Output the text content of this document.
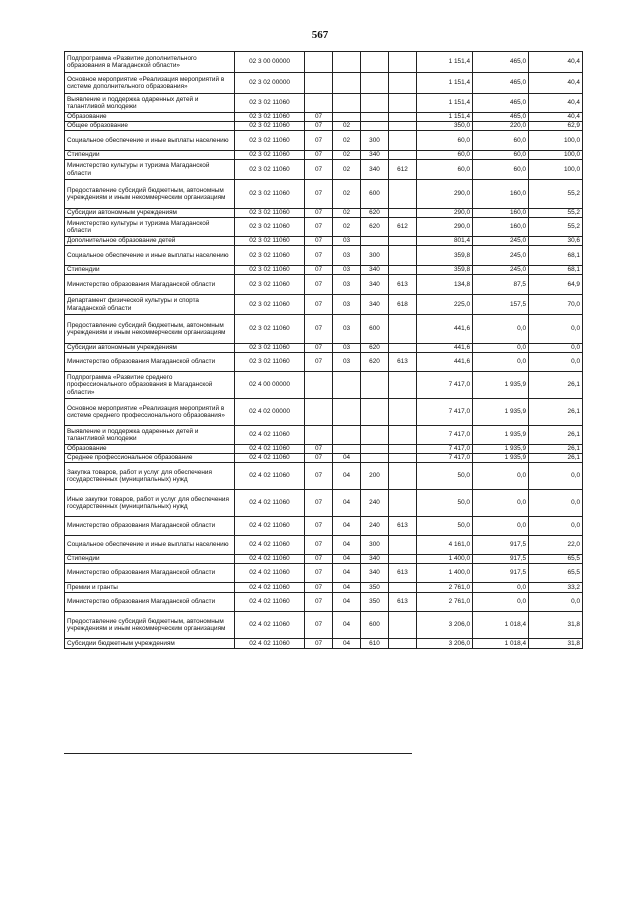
567
Подпрограмма «Развитие дополнительного образования в Магаданской области»	02 3 00 00000					1 151,4	465,0	40,4
Основное мероприятие «Реализация мероприятий в системе дополнительного образования»	02 3 02 00000					1 151,4	465,0	40,4
Выявление и поддержка одаренных детей и талантливой молодежи	02 3 02 11060					1 151,4	465,0	40,4
Образование	02 3 02 11060	07				1 151,4	465,0	40,4
Общее образование	02 3 02 11060	07	02			350,0	220,0	62,9
Социальное обеспечение и иные выплаты населению	02 3 02 11060	07	02	300		60,0	60,0	100,0
Стипендии	02 3 02 11060	07	02	340		60,0	60,0	100,0
Министерство культуры и туризма Магаданской области	02 3 02 11060	07	02	340	612	60,0	60,0	100,0
Предоставление субсидий бюджетным, автономным учреждениям и иным некоммерческим организациям	02 3 02 11060	07	02	600		290,0	160,0	55,2
Субсидии автономным учреждениям	02 3 02 11060	07	02	620		290,0	160,0	55,2
Министерство культуры и туризма Магаданской области	02 3 02 11060	07	02	620	612	290,0	160,0	55,2
Дополнительное образование детей	02 3 02 11060	07	03			801,4	245,0	30,6
Социальное обеспечение и иные выплаты населению	02 3 02 11060	07	03	300		359,8	245,0	68,1
Стипендии	02 3 02 11060	07	03	340		359,8	245,0	68,1
Министерство образования Магаданской области	02 3 02 11060	07	03	340	613	134,8	87,5	64,9
Департамент физической культуры и спорта Магаданской области	02 3 02 11060	07	03	340	618	225,0	157,5	70,0
Предоставление субсидий бюджетным, автономным учреждениям и иным некоммерческим организациям	02 3 02 11060	07	03	600		441,6	0,0	0,0
Субсидии автономным учреждениям	02 3 02 11060	07	03	620		441,6	0,0	0,0
Министерство образования Магаданской области	02 3 02 11060	07	03	620	613	441,6	0,0	0,0
Подпрограмма «Развитие среднего профессионального образования в Магаданской области»	02 4 00 00000					7 417,0	1 935,9	26,1
Основное мероприятие «Реализация мероприятий в системе среднего профессионального образования»	02 4 02 00000					7 417,0	1 935,9	26,1
Выявление и поддержка одаренных детей и талантливой молодежи	02 4 02 11060					7 417,0	1 935,9	26,1
Образование	02 4 02 11060	07				7 417,0	1 935,9	26,1
Среднее профессиональное образование	02 4 02 11060	07	04			7 417,0	1 935,9	26,1
Закупка товаров, работ и услуг для обеспечения государственных (муниципальных) нужд	02 4 02 11060	07	04	200		50,0	0,0	0,0
Иные закупки товаров, работ и услуг для обеспечения государственных (муниципальных) нужд	02 4 02 11060	07	04	240		50,0	0,0	0,0
Министерство образования Магаданской области	02 4 02 11060	07	04	240	613	50,0	0,0	0,0
Социальное обеспечение и иные выплаты населению	02 4 02 11060	07	04	300		4 161,0	917,5	22,0
Стипендии	02 4 02 11060	07	04	340		1 400,0	917,5	65,5
Министерство образования Магаданской области	02 4 02 11060	07	04	340	613	1 400,0	917,5	65,5
Премии и гранты	02 4 02 11060	07	04	350		2 761,0	0,0	33,2
Министерство образования Магаданской области	02 4 02 11060	07	04	350	613	2 761,0	0,0	0,0
Предоставление субсидий бюджетным, автономным учреждениям и иным некоммерческим организациям	02 4 02 11060	07	04	600		3 206,0	1 018,4	31,8
Субсидии бюджетным учреждениям	02 4 02 11060	07	04	610		3 206,0	1 018,4	31,8
